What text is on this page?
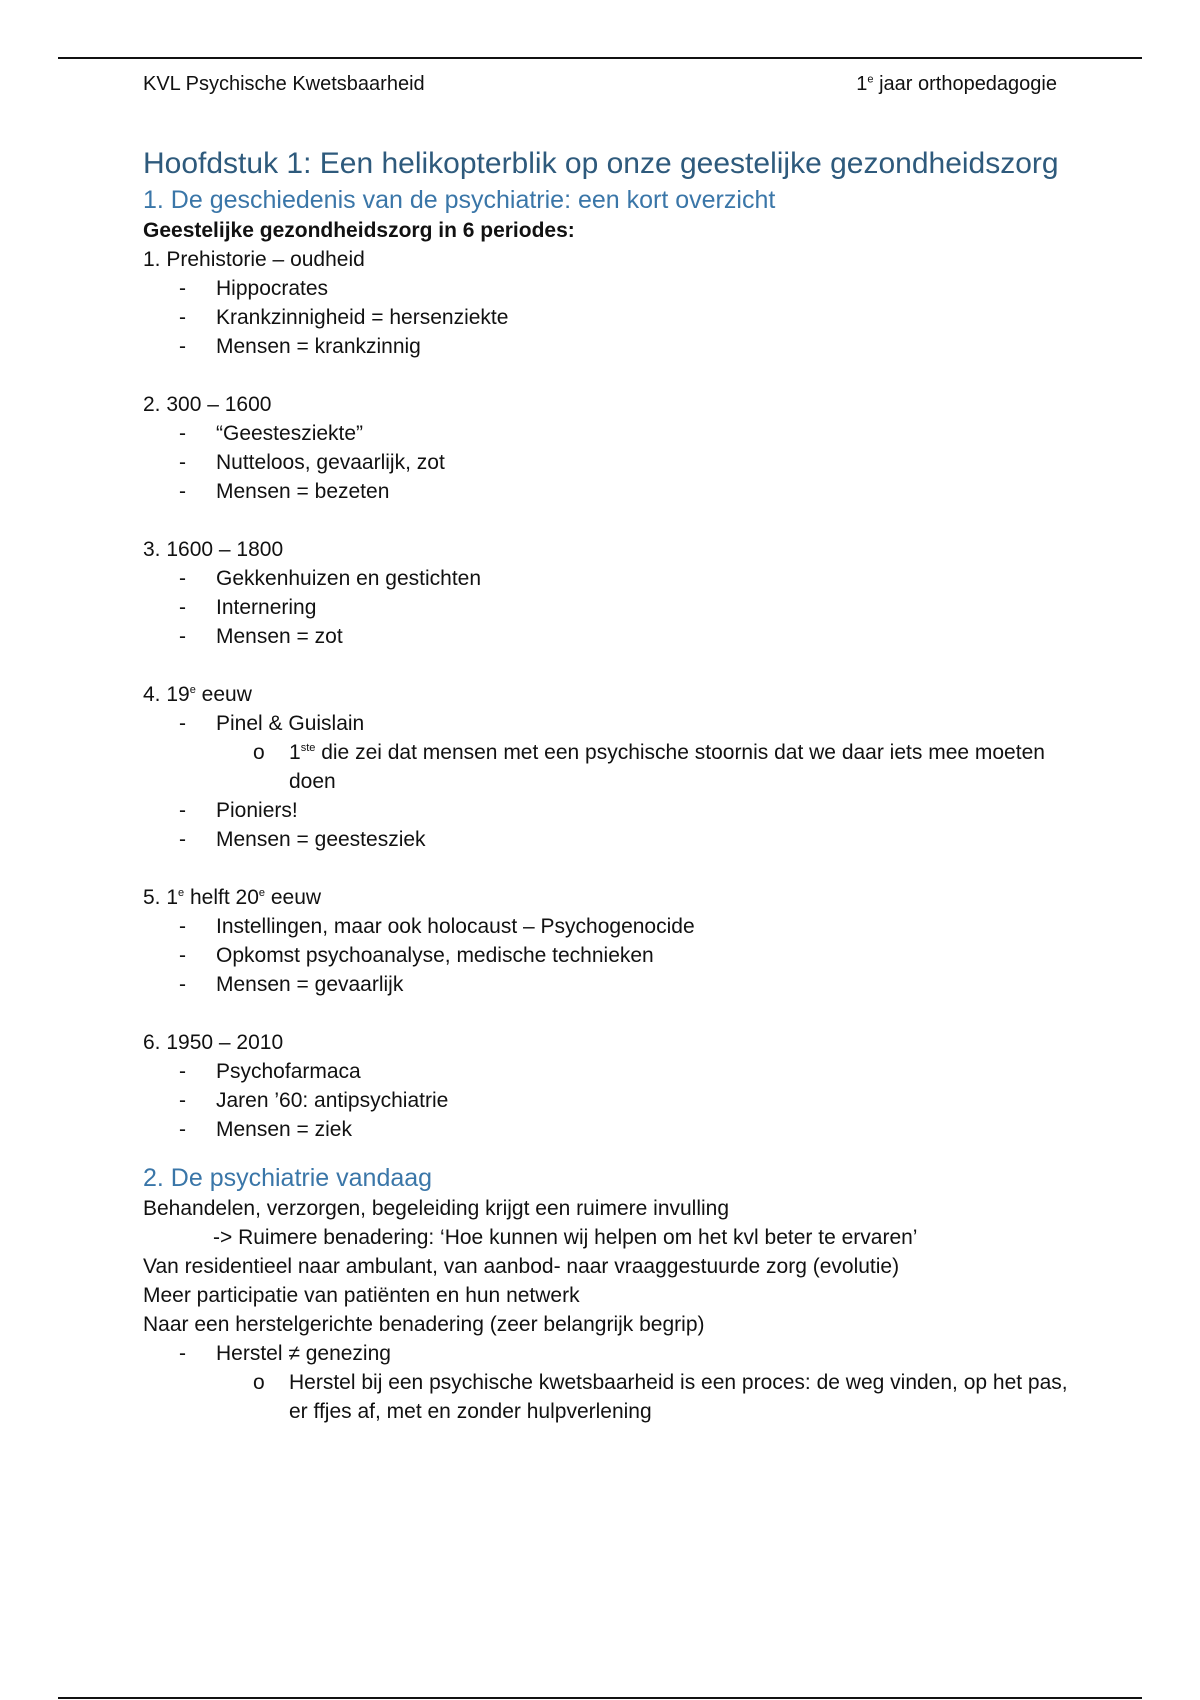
KVL Psychische Kwetsbaarheid	1e jaar orthopedagogie
Hoofdstuk 1: Een helikopterblik op onze geestelijke gezondheidszorg
1. De geschiedenis van de psychiatrie: een kort overzicht

Geestelijke gezondheidszorg in 6 periodes:

1. Prehistorie – oudheid

- Hippocrates

- Krankzinnigheid = hersenziekte

- Mensen = krankzinnig

2. 300 – 1600

- “Geestesziekte”

- Nutteloos, gevaarlijk, zot

- Mensen = bezeten

3. 1600 – 1800

- Gekkenhuizen en gestichten

- Internering

- Mensen = zot

4. 19e eeuw

- Pinel & Guislain

o 1ste die zei dat mensen met een psychische stoornis dat we daar iets mee moeten doen

- Pioniers!

- Mensen = geestesziek

5. 1e helft 20e eeuw

- Instellingen, maar ook holocaust – Psychogenocide

- Opkomst psychoanalyse, medische technieken

- Mensen = gevaarlijk

6. 1950 – 2010

- Psychofarmaca

- Jaren ’60: antipsychiatrie

- Mensen = ziek

2. De psychiatrie vandaag

Behandelen, verzorgen, begeleiding krijgt een ruimere invulling

-> Ruimere benadering: ‘Hoe kunnen wij helpen om het kvl beter te ervaren’

Van residentieel naar ambulant, van aanbod- naar vraaggestuurde zorg (evolutie)

Meer participatie van patiënten en hun netwerk

Naar een herstelgerichte benadering (zeer belangrijk begrip)

- Herstel ≠ genezing

o Herstel bij een psychische kwetsbaarheid is een proces: de weg vinden, op het pas, er ffjes af, met en zonder hulpverlening
